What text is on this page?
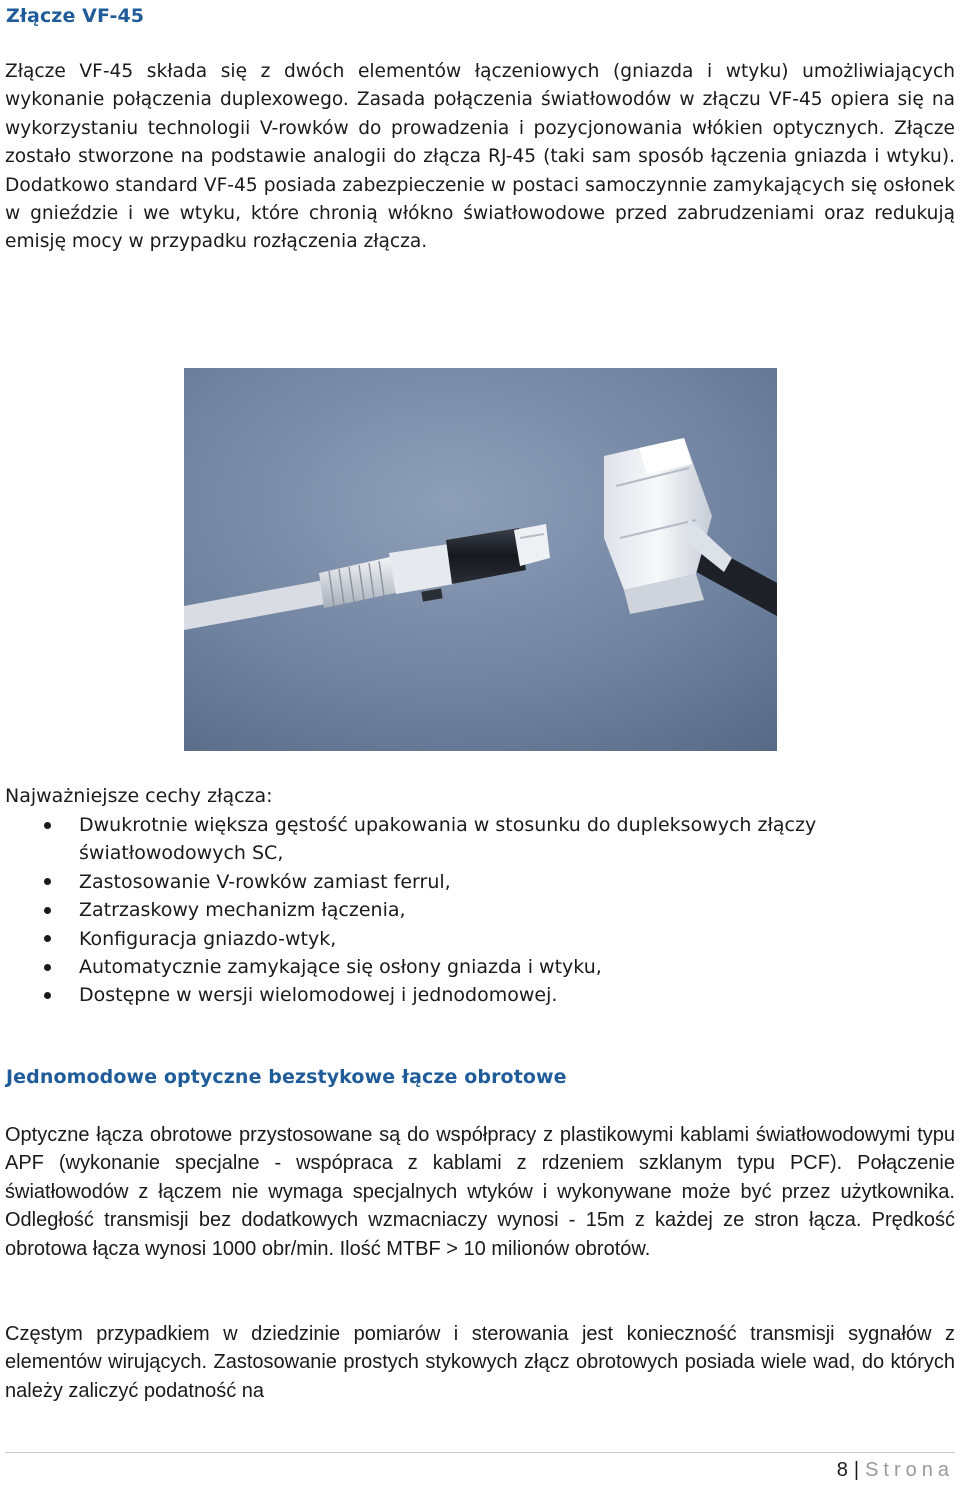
Złącze VF-45

Złącze VF-45 składa się z dwóch elementów łączeniowych (gniazda i wtyku) umożliwiających wykonanie połączenia duplexowego. Zasada połączenia światłowodów w złączu VF-45 opiera się na wykorzystaniu technologii V-rowków do prowadzenia i pozycjonowania włókien optycznych. Złącze zostało stworzone na podstawie analogii do złącza RJ-45 (taki sam sposób łączenia gniazda i wtyku). Dodatkowo standard VF-45 posiada zabezpieczenie w postaci samoczynnie zamykających się osłonek w gnieździe i we wtyku, które chronią włókno światłowodowe przed zabrudzeniami oraz redukują emisję mocy w przypadku rozłączenia złącza.

Najważniejsze cechy złącza:

Dwukrotnie większa gęstość upakowania w stosunku do dupleksowych złączy światłowodowych SC,
Zastosowanie V-rowków zamiast ferrul,
Zatrzaskowy mechanizm łączenia,
Konfiguracja gniazdo-wtyk,
Automatycznie zamykające się osłony gniazda i wtyku,
Dostępne w wersji wielomodowej i jednodomowej.
Jednomodowe optyczne bezstykowe łącze obrotowe

Optyczne łącza obrotowe przystosowane są do współpracy z plastikowymi kablami światłowodowymi typu APF (wykonanie specjalne - wspópraca z kablami z rdzeniem szklanym typu PCF). Połączenie światłowodów z łączem nie wymaga specjalnych wtyków i wykonywane może być przez użytkownika. Odległość transmisji bez dodatkowych wzmacniaczy wynosi - 15m z każdej ze stron łącza. Prędkość obrotowa łącza wynosi 1000 obr/min. Ilość MTBF > 10 milionów obrotów.

Częstym przypadkiem w dziedzinie pomiarów i sterowania jest konieczność transmisji sygnałów z elementów wirujących. Zastosowanie prostych stykowych złącz obrotowych posiada wiele wad, do których należy zaliczyć podatność na

8 | Strona
